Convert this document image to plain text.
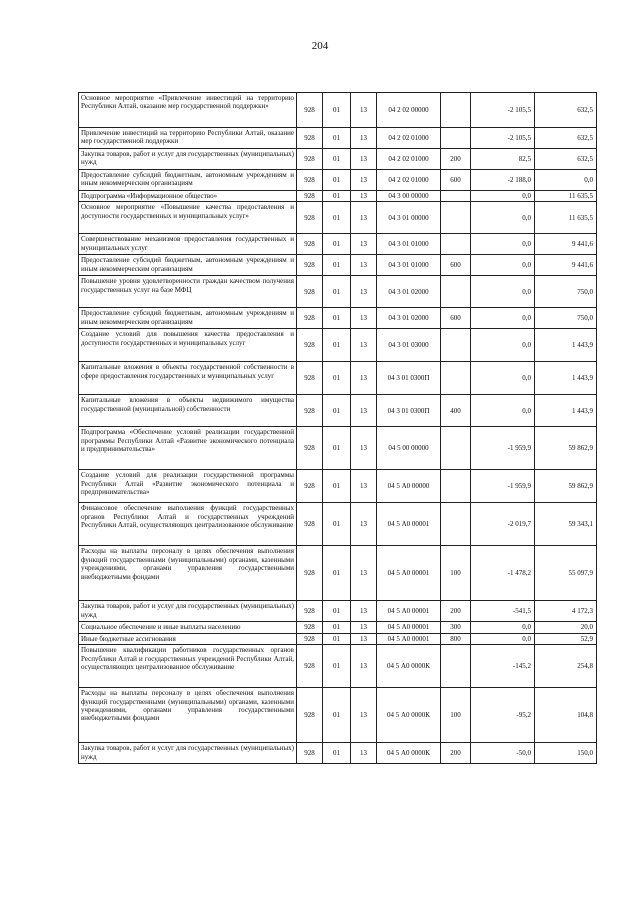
204
Основное мероприятие «Привлечение инвестиций на территорию Республики Алтай, оказание мер государственной поддержки»	928	01	13	04 2 02 00000		-2 105,5	632,5
Привлечение инвестиций на территорию Республики Алтай, оказание мер государственной поддержки	928	01	13	04 2 02 01000		-2 105,5	632,5
Закупка товаров, работ и услуг для государственных (муниципальных) нужд	928	01	13	04 2 02 01000	200	82,5	632,5
Предоставление субсидий бюджетным, автономным учреждениям и иным некоммерческим организациям	928	01	13	04 2 02 01000	600	-2 188,0	0,0
Подпрограмма «Информационное общество»	928	01	13	04 3 00 00000		0,0	11 635,5
Основное мероприятие «Повышение качества предоставления и доступности государственных и муниципальных услуг»	928	01	13	04 3 01 00000		0,0	11 635,5
Совершенствование механизмов предоставления государственных и муниципальных услуг	928	01	13	04 3 01 01000		0,0	9 441,6
Предоставление субсидий бюджетным, автономным учреждениям и иным некоммерческим организациям	928	01	13	04 3 01 01000	600	0,0	9 441,6
Повышение уровня удовлетворенности граждан качеством получения государственных услуг на базе МФЦ	928	01	13	04 3 01 02000		0,0	750,0
Предоставление субсидий бюджетным, автономным учреждениям и иным некоммерческим организациям	928	01	13	04 3 01 02000	600	0,0	750,0
Создание условий для повышения качества предоставления и доступности государственных и муниципальных услуг	928	01	13	04 3 01 03000		0,0	1 443,9
Капитальные вложения в объекты государственной собственности в сфере предоставления государственных и муниципальных услуг	928	01	13	04 3 01 0300П		0,0	1 443,9
Капитальные вложения в объекты недвижимого имущества государственной (муниципальной) собственности	928	01	13	04 3 01 0300П	400	0,0	1 443,9
Подпрограмма «Обеспечение условий реализации государственной программы Республики Алтай «Развитие экономического потенциала и предпринимательства»	928	01	13	04 5 00 00000		-1 959,9	59 862,9
Создание условий для реализации государственной программы Республики Алтай «Развитие экономического потенциала и предпринимательства»	928	01	13	04 5 А0 00000		-1 959,9	59 862,9
Финансовое обеспечение выполнения функций государственных органов Республики Алтай и государственных учреждений Республики Алтай, осуществляющих централизованное обслуживание	928	01	13	04 5 А0 00001		-2 019,7	59 343,1
Расходы на выплаты персоналу в целях обеспечения выполнения функций государственными (муниципальными) органами, казенными учреждениями, органами управления государственными внебюджетными фондами	928	01	13	04 5 А0 00001	100	-1 478,2	55 097,9
Закупка товаров, работ и услуг для государственных (муниципальных) нужд	928	01	13	04 5 А0 00001	200	-541,5	4 172,3
Социальное обеспечение и иные выплаты населению	928	01	13	04 5 А0 00001	300	0,0	20,0
Иные бюджетные ассигнования	928	01	13	04 5 А0 00001	800	0,0	52,9
Повышение квалификации работников государственных органов Республики Алтай и государственных учреждений Республики Алтай, осуществляющих централизованное обслуживание	928	01	13	04 5 А0 0000К		-145,2	254,8
Расходы на выплаты персоналу в целях обеспечения выполнения функций государственными (муниципальными) органами, казенными учреждениями, органами управления государственными внебюджетными фондами	928	01	13	04 5 А0 0000К	100	-95,2	104,8
Закупка товаров, работ и услуг для государственных (муниципальных) нужд	928	01	13	04 5 А0 0000К	200	-50,0	150,0
